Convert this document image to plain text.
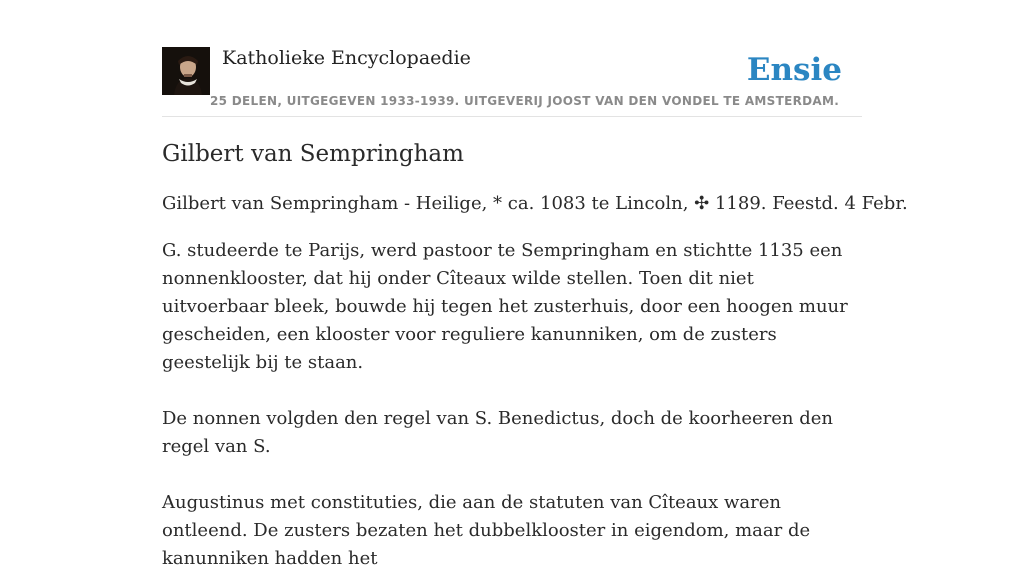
Katholieke Encyclopaedie
25 DELEN, UITGEGEVEN 1933-1939. UITGEVERIJ JOOST VAN DEN VONDEL TE AMSTERDAM.
Ensie
Gilbert van Sempringham

Gilbert van Sempringham - Heilige, * ca. 1083 te Lincoln, ✣ 1189. Feestd. 4 Febr.

G. studeerde te Parijs, werd pastoor te Sempringham en stichtte 1135 een nonnenklooster, dat hij onder Cîteaux wilde stellen. Toen dit niet uitvoerbaar bleek, bouwde hij tegen het zusterhuis, door een hoogen muur gescheiden, een klooster voor reguliere kanunniken, om de zusters geestelijk bij te staan.

De nonnen volgden den regel van S. Benedictus, doch de koorheeren den regel van S.

Augustinus met constituties, die aan de statuten van Cîteaux waren ontleend. De zusters bezaten het dubbelklooster in eigendom, maar de kanunniken hadden het
